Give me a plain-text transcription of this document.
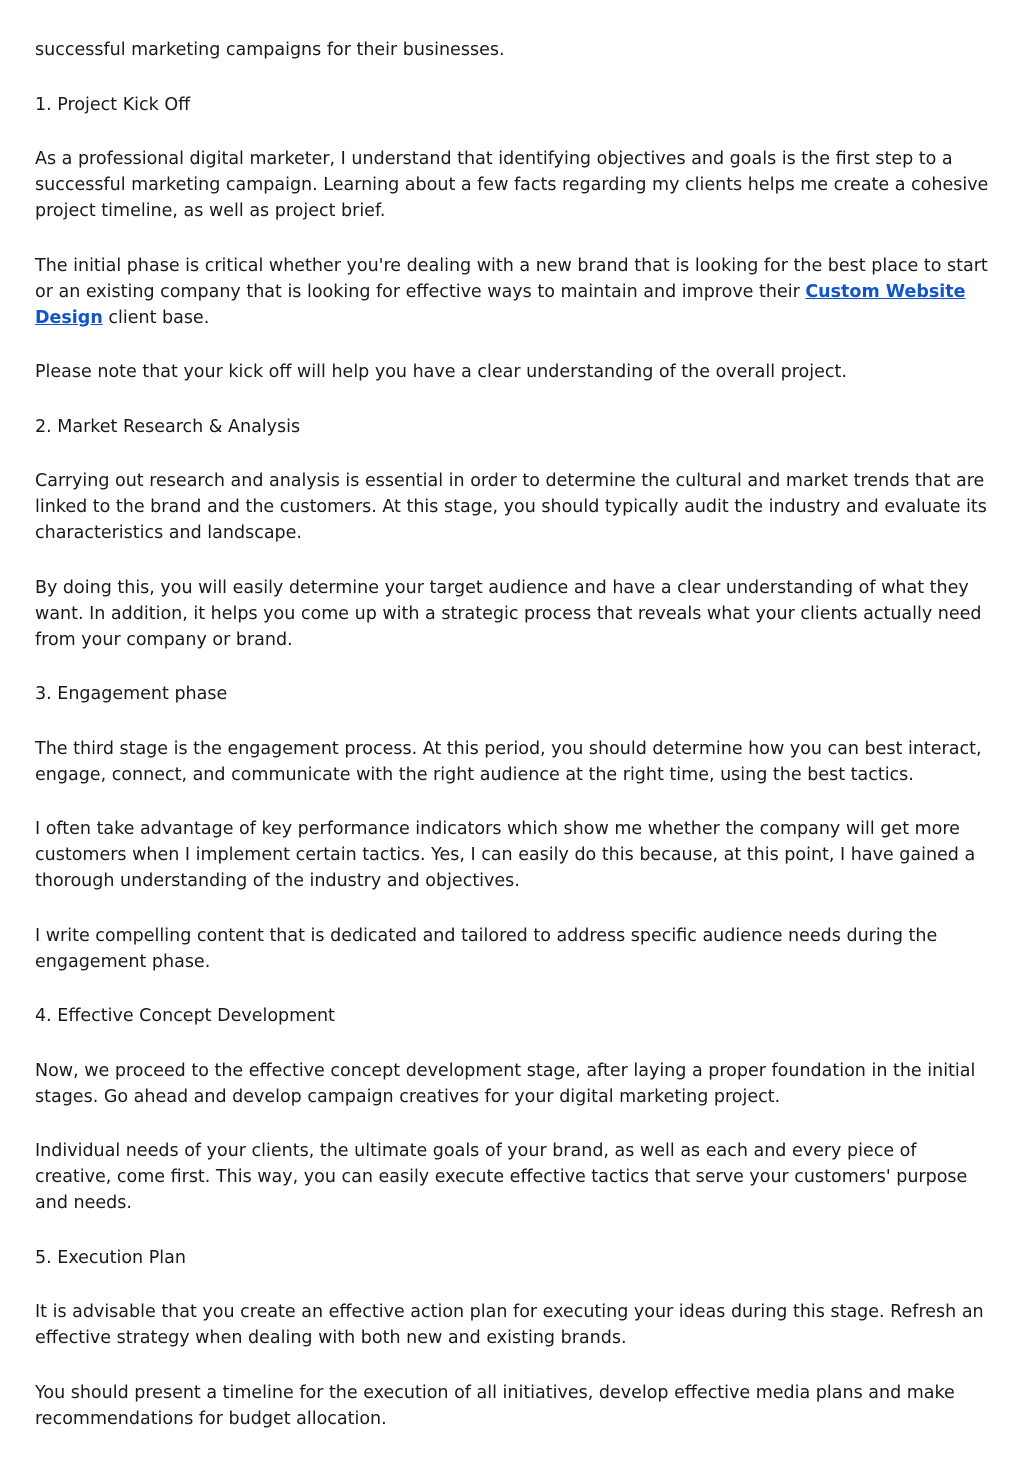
successful marketing campaigns for their businesses.

1. Project Kick Off

As a professional digital marketer, I understand that identifying objectives and goals is the first step to a successful marketing campaign. Learning about a few facts regarding my clients helps me create a cohesive project timeline, as well as project brief.

The initial phase is critical whether you're dealing with a new brand that is looking for the best place to start or an existing company that is looking for effective ways to maintain and improve their Custom Website Design client base.

Please note that your kick off will help you have a clear understanding of the overall project.

2. Market Research & Analysis

Carrying out research and analysis is essential in order to determine the cultural and market trends that are linked to the brand and the customers. At this stage, you should typically audit the industry and evaluate its characteristics and landscape.

By doing this, you will easily determine your target audience and have a clear understanding of what they want. In addition, it helps you come up with a strategic process that reveals what your clients actually need from your company or brand.

3. Engagement phase

The third stage is the engagement process. At this period, you should determine how you can best interact, engage, connect, and communicate with the right audience at the right time, using the best tactics.

I often take advantage of key performance indicators which show me whether the company will get more customers when I implement certain tactics. Yes, I can easily do this because, at this point, I have gained a thorough understanding of the industry and objectives.

I write compelling content that is dedicated and tailored to address specific audience needs during the engagement phase.

4. Effective Concept Development

Now, we proceed to the effective concept development stage, after laying a proper foundation in the initial stages. Go ahead and develop campaign creatives for your digital marketing project.

Individual needs of your clients, the ultimate goals of your brand, as well as each and every piece of creative, come first. This way, you can easily execute effective tactics that serve your customers' purpose and needs.

5. Execution Plan

It is advisable that you create an effective action plan for executing your ideas during this stage. Refresh an effective strategy when dealing with both new and existing brands.

You should present a timeline for the execution of all initiatives, develop effective media plans and make recommendations for budget allocation.
